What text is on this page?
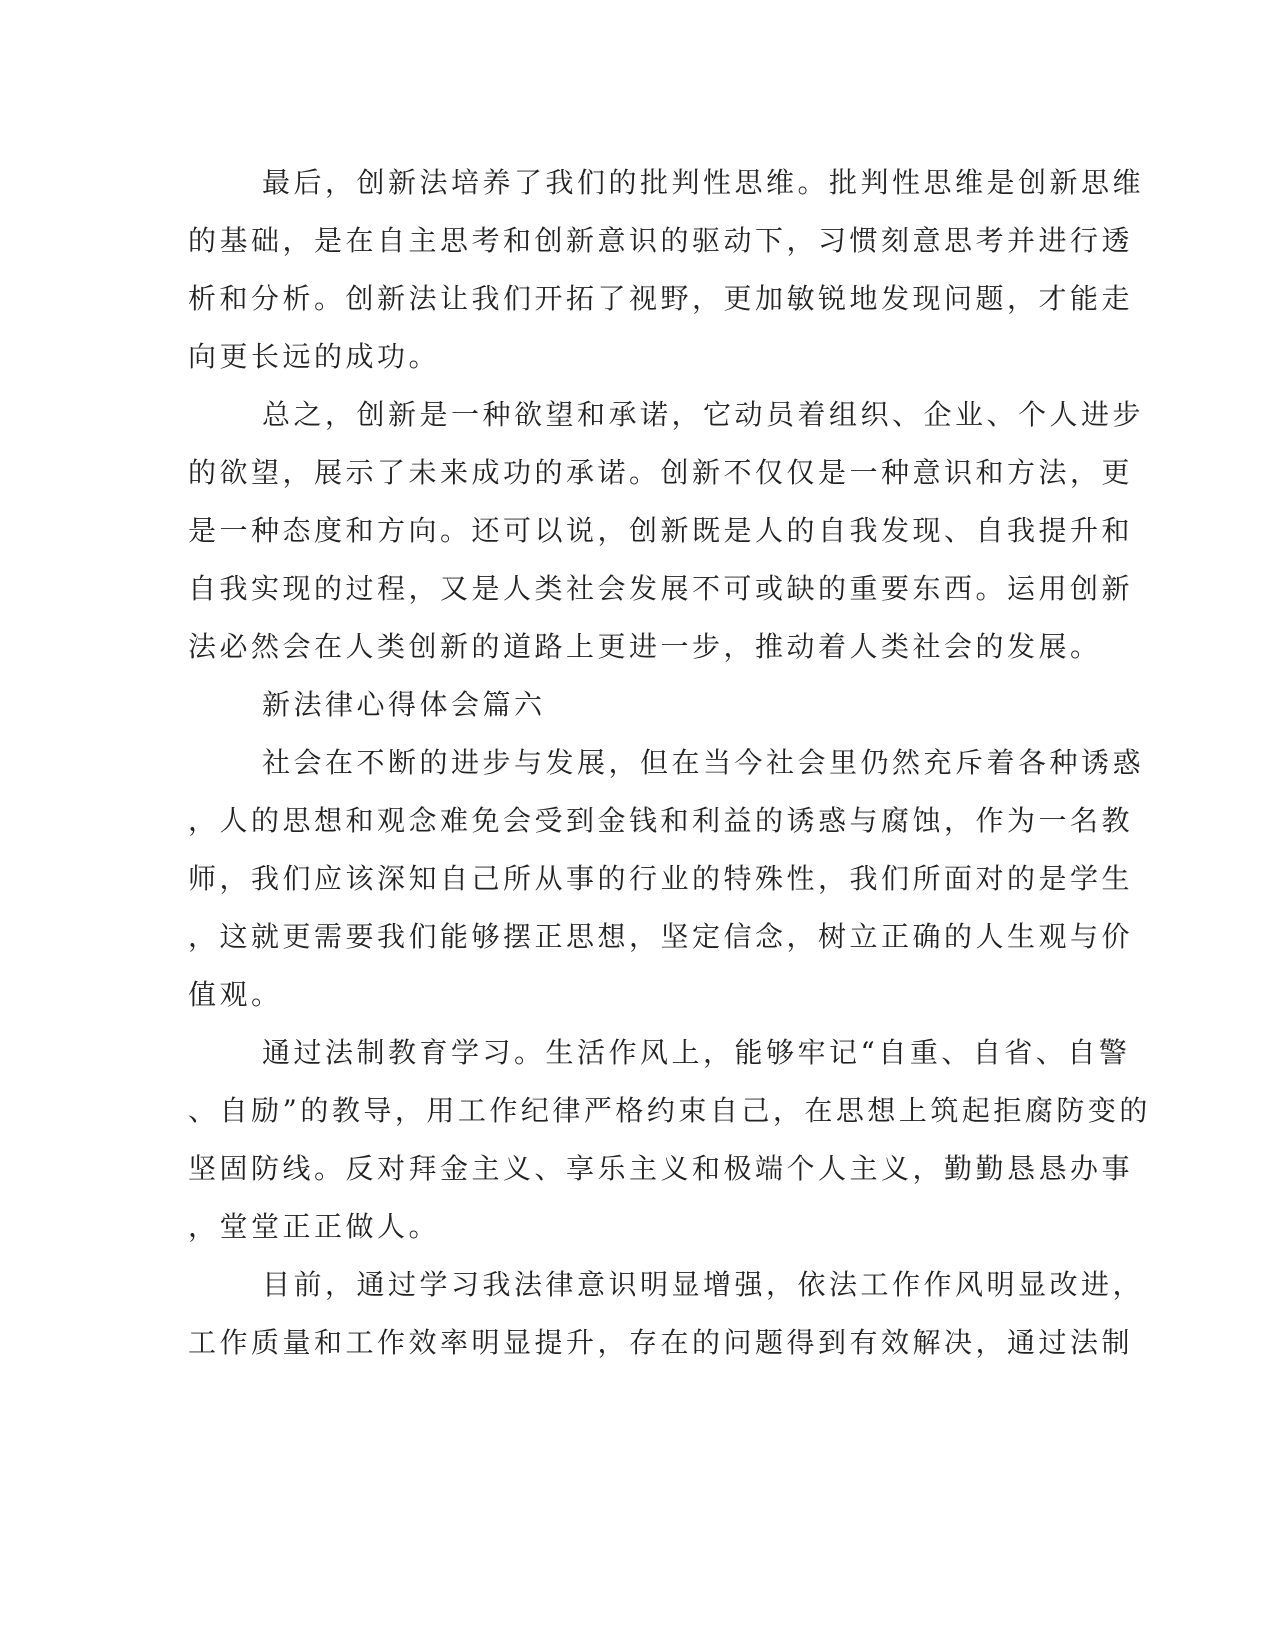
最后，创新法培养了我们的批判性思维。批判性思维是创新思维
的基础，是在自主思考和创新意识的驱动下，习惯刻意思考并进行透
析和分析。创新法让我们开拓了视野，更加敏锐地发现问题，才能走
向更长远的成功。
总之，创新是一种欲望和承诺，它动员着组织、企业、个人进步
的欲望，展示了未来成功的承诺。创新不仅仅是一种意识和方法，更
是一种态度和方向。还可以说，创新既是人的自我发现、自我提升和
自我实现的过程，又是人类社会发展不可或缺的重要东西。运用创新
法必然会在人类创新的道路上更进一步，推动着人类社会的发展。
新法律心得体会篇六
社会在不断的进步与发展，但在当今社会里仍然充斥着各种诱惑
，人的思想和观念难免会受到金钱和利益的诱惑与腐蚀，作为一名教
师，我们应该深知自己所从事的行业的特殊性，我们所面对的是学生
，这就更需要我们能够摆正思想，坚定信念，树立正确的人生观与价
值观。
通过法制教育学习。生活作风上，能够牢记“自重、自省、自警
、自励”的教导，用工作纪律严格约束自己，在思想上筑起拒腐防变的
坚固防线。反对拜金主义、享乐主义和极端个人主义，勤勤恳恳办事
，堂堂正正做人。
目前，通过学习我法律意识明显增强，依法工作作风明显改进，
工作质量和工作效率明显提升，存在的问题得到有效解决，通过法制
